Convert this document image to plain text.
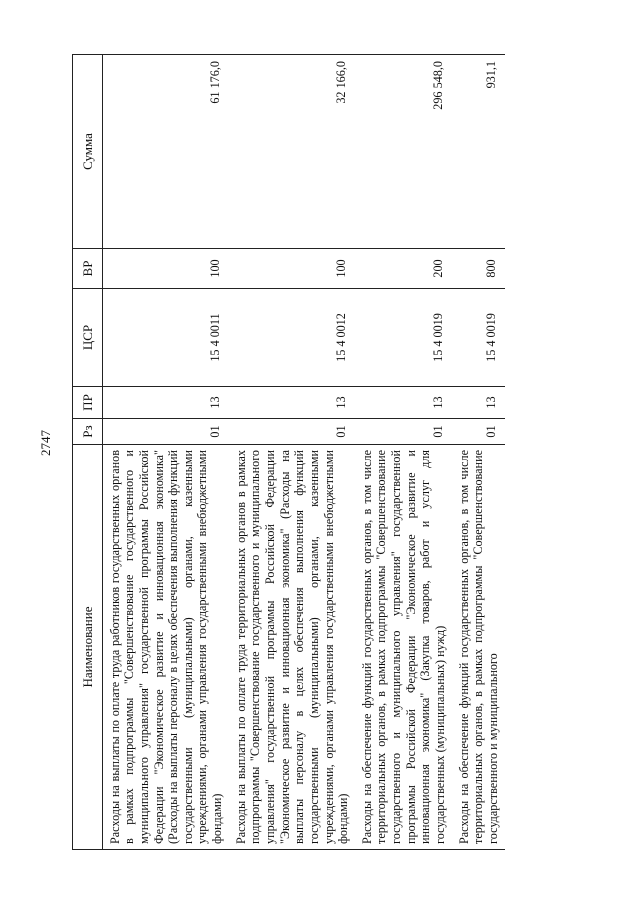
2747
Наименование	Рз	ПР	ЦСР	ВР	Сумма
Расходы на выплаты по оплате труда работников государственных органов в рамках подпрограммы "Совершенствование государственного и муниципального управления" государственной программы Российской Федерации "Экономическое развитие и инновационная экономика" (Расходы на выплаты персоналу в целях обеспечения выполнения функций государственными (муниципальными) органами, казенными учреждениями, органами управления государственными внебюджетными фондами)	01	13	15 4 0011	100	61 176,0
Расходы на выплаты по оплате труда территориальных органов в рамках подпрограммы "Совершенствование государственного и муниципального управления" государственной программы Российской Федерации "Экономическое развитие и инновационная экономика" (Расходы на выплаты персоналу в целях обеспечения выполнения функций государственными (муниципальными) органами, казенными учреждениями, органами управления государственными внебюджетными фондами)	01	13	15 4 0012	100	32 166,0
Расходы на обеспечение функций государственных органов, в том числе территориальных органов, в рамках подпрограммы "Совершенствование государственного и муниципального управления" государственной программы Российской Федерации "Экономическое развитие и инновационная экономика" (Закупка товаров, работ и услуг для государственных (муниципальных) нужд)	01	13	15 4 0019	200	296 548,0
Расходы на обеспечение функций государственных органов, в том числе территориальных органов, в рамках подпрограммы "Совершенствование государственного и муниципального	01	13	15 4 0019	800	931,1
